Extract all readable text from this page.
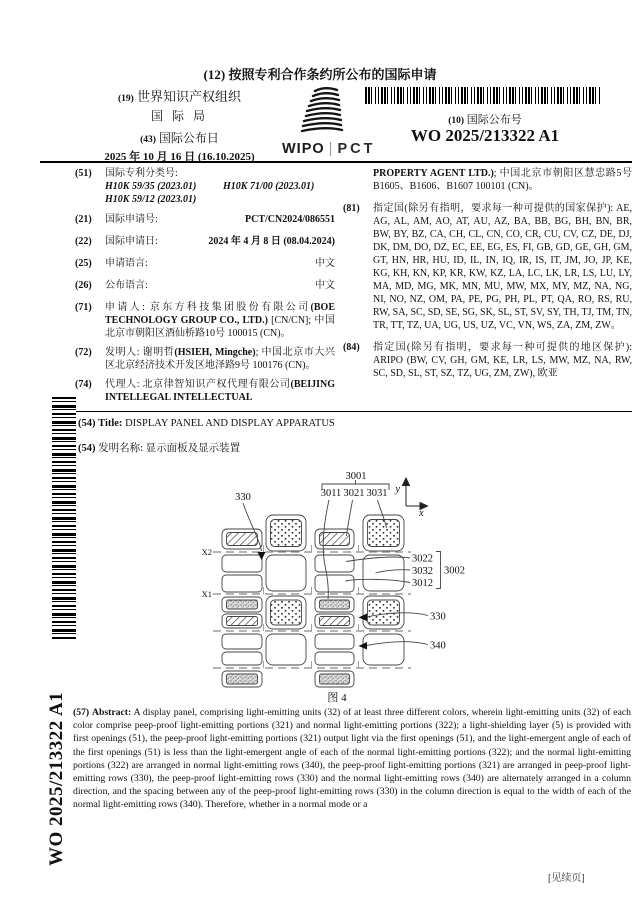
(12) 按照专利合作条约所公布的国际申请
(19) 世界知识产权组织
国 际 局
(43) 国际公布日
2025 年 10 月 16 日 (16.10.2025)	WIPO | PCT
(10) 国际公布号
WO 2025/213322 A1
(51) 国际专利分类号:
H10K 59/35 (2023.01)	H10K 71/00 (2023.01)
H10K 59/12 (2023.01)
(21) 国际申请号:	PCT/CN2024/086551
(22) 国际申请日:	2024 年 4 月 8 日 (08.04.2024)
(25) 申请语言:	中文
(26) 公布语言:	中文
(71) 申请人: 京东方科技集团股份有限公司(BOE TECHNOLOGY GROUP CO., LTD.) [CN/CN]; 中国北京市朝阳区酒仙桥路10号 100015 (CN)。
(72) 发明人: 谢明哲(HSIEH, Mingche); 中国北京市大兴区北京经济技术开发区地泽路9号 100176 (CN)。
(74) 代理人: 北京律智知识产权代理有限公司(BEIJING INTELLEGAL INTELLECTUAL
PROPERTY AGENT LTD.); 中国北京市朝阳区慧忠路5号B1605、B1606、B1607 100101 (CN)。
(81) 指定国(除另有指明，要求每一种可提供的国家保护): AE, AG, AL, AM, AO, AT, AU, AZ, BA, BB, BG, BH, BN, BR, BW, BY, BZ, CA, CH, CL, CN, CO, CR, CU, CV, CZ, DE, DJ, DK, DM, DO, DZ, EC, EE, EG, ES, FI, GB, GD, GE, GH, GM, GT, HN, HR, HU, ID, IL, IN, IQ, IR, IS, IT, JM, JO, JP, KE, KG, KH, KN, KP, KR, KW, KZ, LA, LC, LK, LR, LS, LU, LY, MA, MD, MG, MK, MN, MU, MW, MX, MY, MZ, NA, NG, NI, NO, NZ, OM, PA, PE, PG, PH, PL, PT, QA, RO, RS, RU, RW, SA, SC, SD, SE, SG, SK, SL, ST, SV, SY, TH, TJ, TM, TN, TR, TT, TZ, UA, UG, US, UZ, VC, VN, WS, ZA, ZM, ZW。
(84) 指定国(除另有指明，要求每一种可提供的地区保护): ARIPO (BW, CV, GH, GM, KE, LR, LS, MW, MZ, NA, RW, SC, SD, SL, ST, SZ, TZ, UG, ZM, ZW), 欧亚
(54) Title: DISPLAY PANEL AND DISPLAY APPARATUS
(54) 发明名称: 显示面板及显示装置
3001
3011 3021 3031
330
y
x
X2
X1
3022
3032
3012
3002
330
340
图 4
(57) Abstract: A display panel, comprising light-emitting units (32) of at least three different colors, wherein light-emitting units (32) of each color comprise peep-proof light-emitting portions (321) and normal light-emitting portions (322); a light-shielding layer (5) is provided with first openings (51), the peep-proof light-emitting portions (321) output light via the first openings (51), and the light-emergent angle of each of the first openings (51) is less than the light-emergent angle of each of the normal light-emitting portions (322); and the normal light-emitting portions (322) are arranged in normal light-emitting rows (340), the peep-proof light-emitting portions (321) are arranged in peep-proof light-emitting rows (330), the peep-proof light-emitting rows (330) and the normal light-emitting rows (340) are alternately arranged in a column direction, and the spacing between any of the peep-proof light-emitting rows (330) in the column direction is equal to the width of each of the normal light-emitting rows (340). Therefore, whether in a normal mode or a
WO 2025/213322 A1
[见续页]
